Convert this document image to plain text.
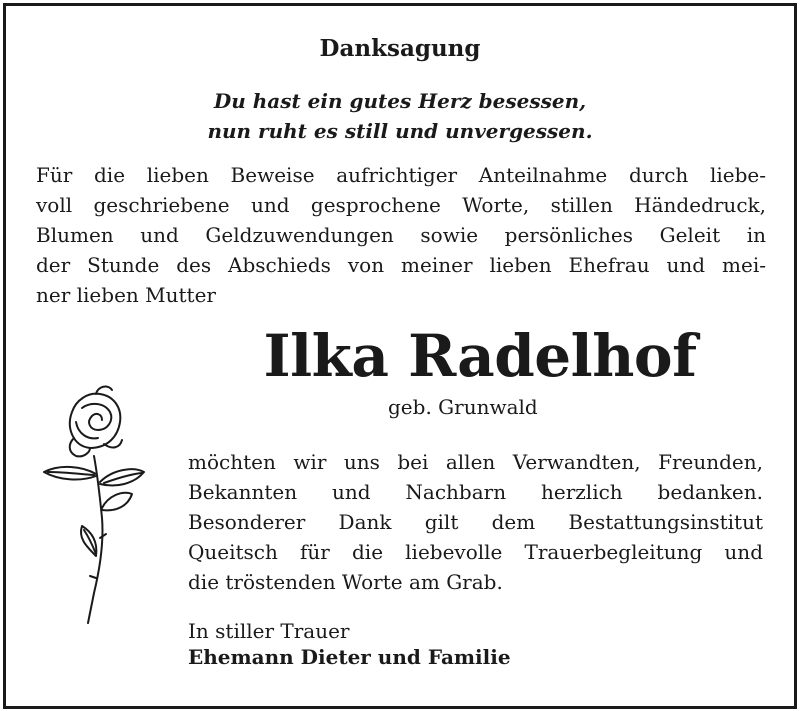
Danksagung
Du hast ein gutes Herz besessen,
nun ruht es still und unvergessen.
Für die lieben Beweise aufrichtiger Anteilnahme durch liebe-
voll geschriebene und gesprochene Worte, stillen Händedruck,
Blumen und Geldzuwendungen sowie persönliches Geleit in
der Stunde des Abschieds von meiner lieben Ehefrau und mei-
ner lieben Mutter
Ilka Radelhof
geb. Grunwald
möchten wir uns bei allen Verwandten, Freunden,
Bekannten und Nachbarn herzlich bedanken.
Besonderer Dank gilt dem Bestattungsinstitut
Queitsch für die liebevolle Trauerbegleitung und
die tröstenden Worte am Grab.
In stiller Trauer
Ehemann Dieter und Familie
